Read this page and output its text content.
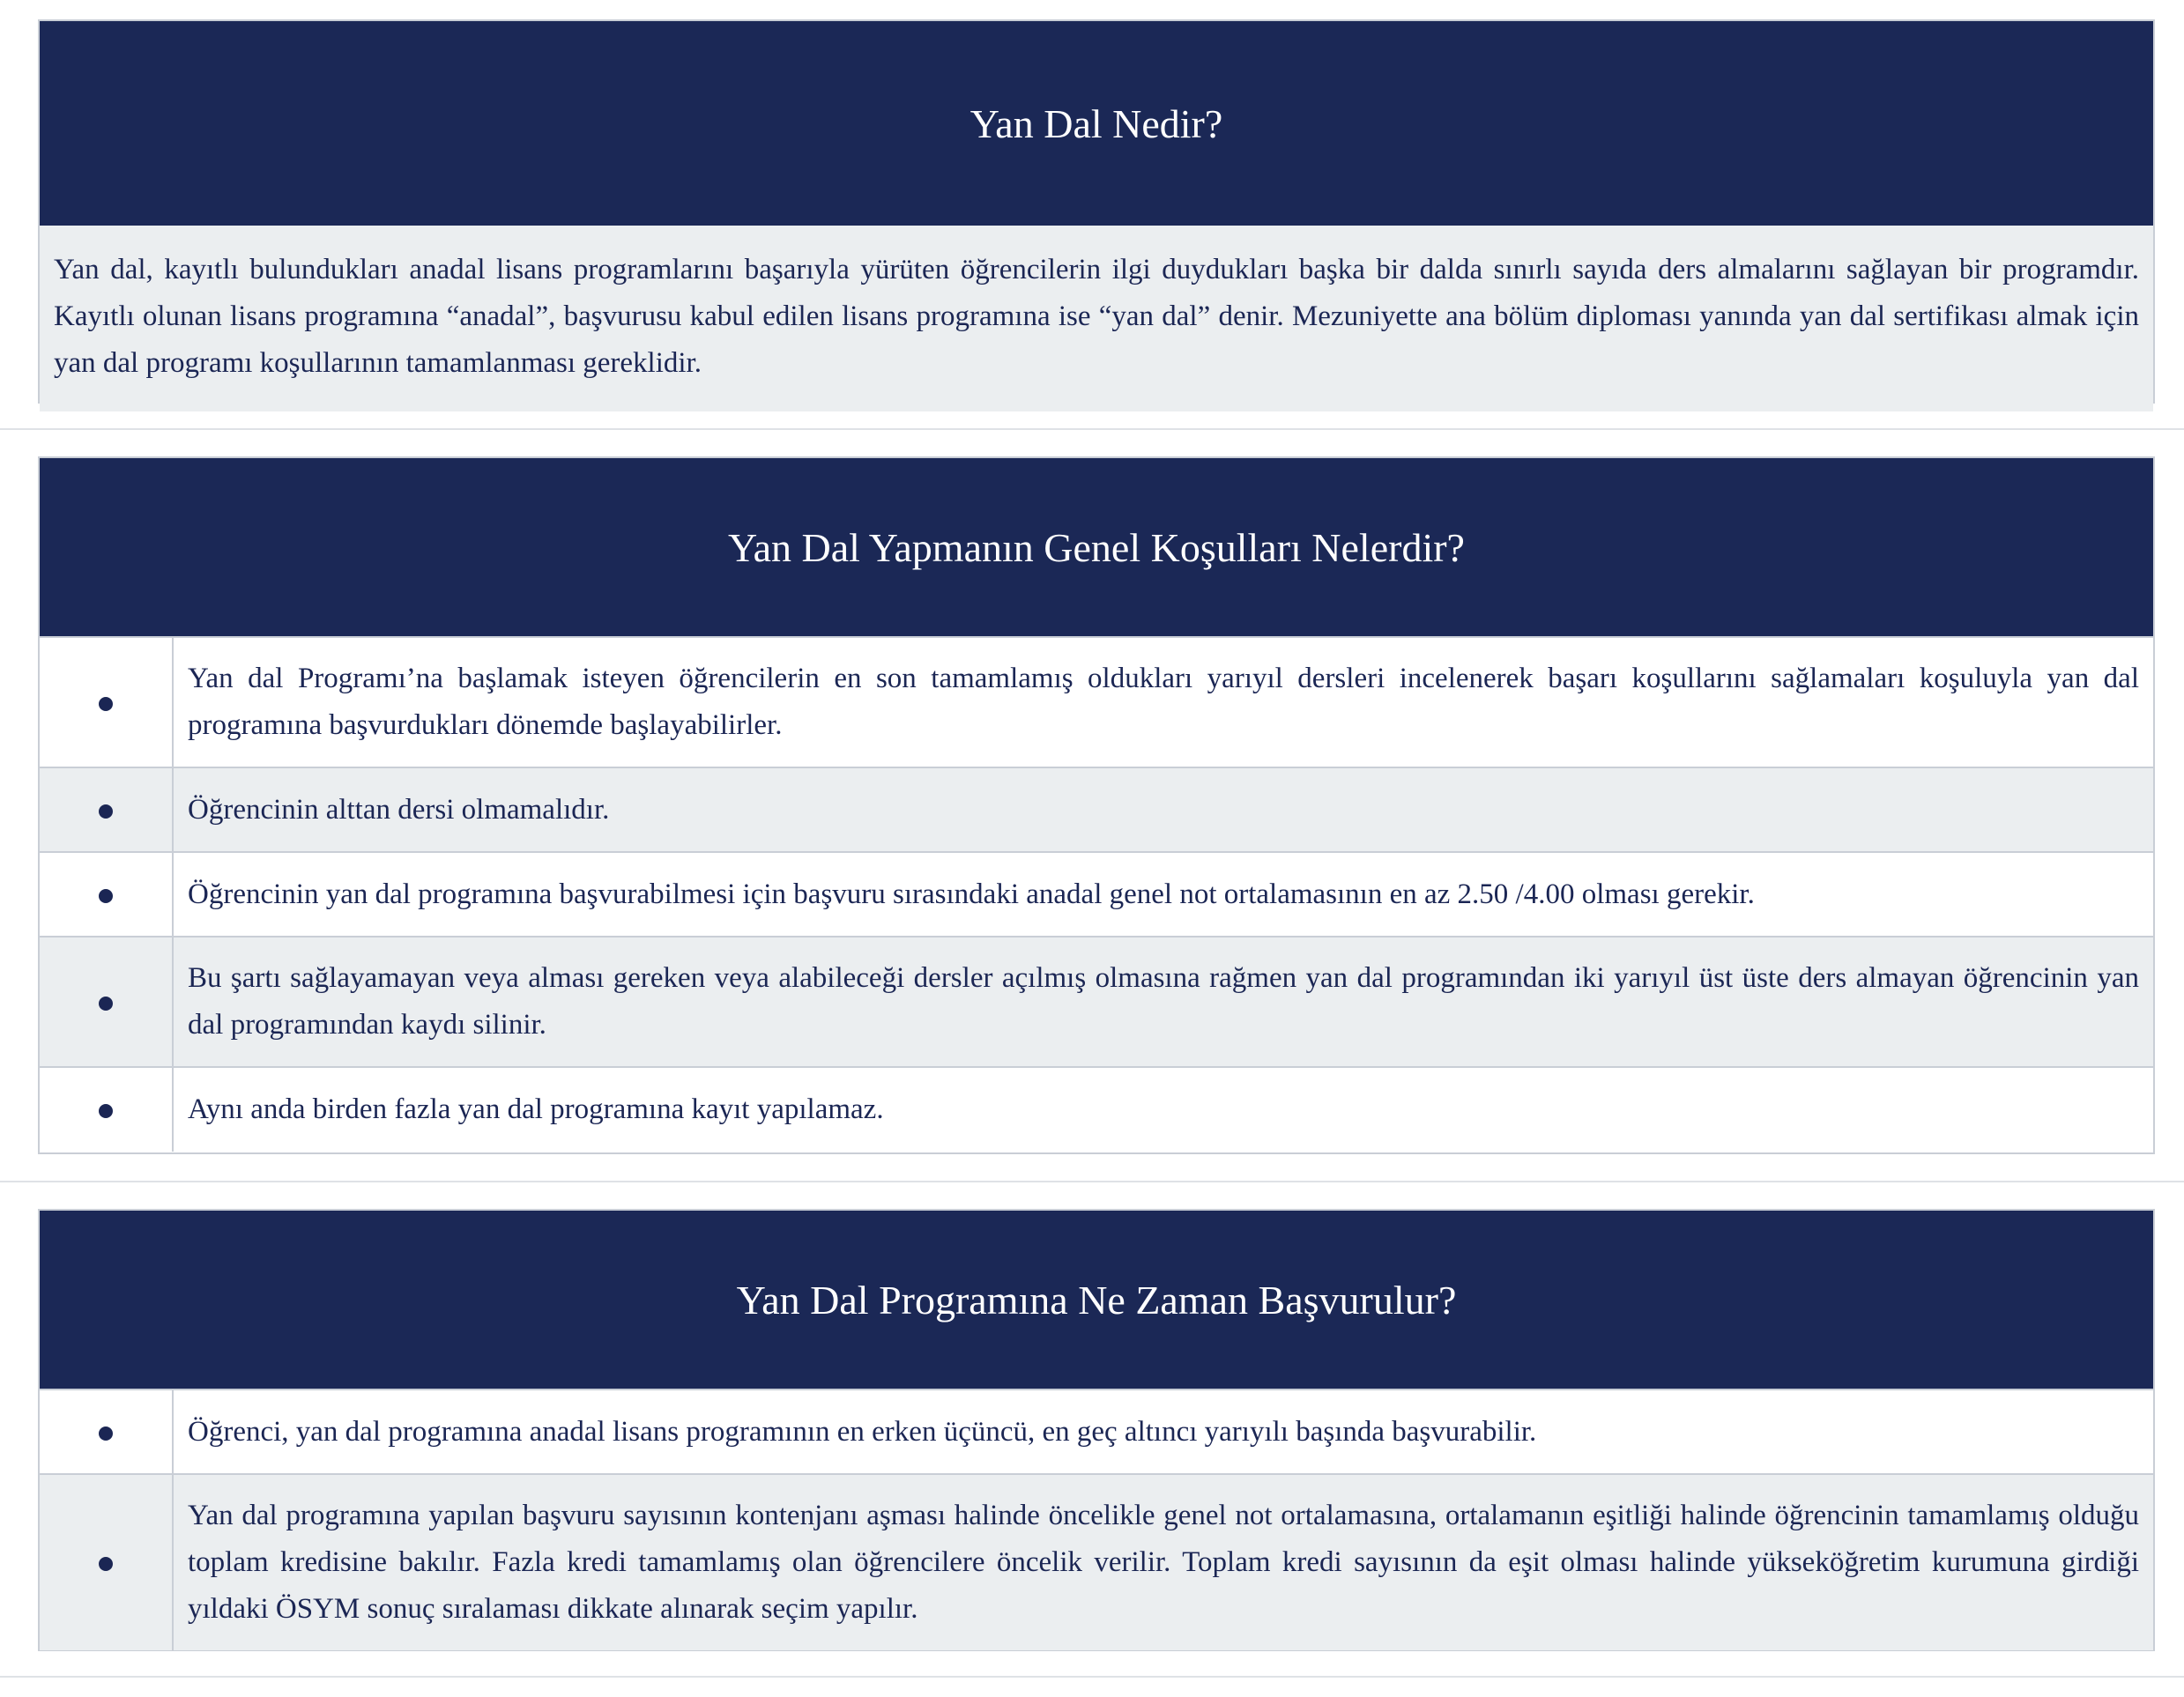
Yan Dal Nedir?
Yan dal, kayıtlı bulundukları anadal lisans programlarını başarıyla yürüten öğrencilerin ilgi duydukları başka bir dalda sınırlı sayıda ders almalarını sağlayan bir programdır. Kayıtlı olunan lisans programına “anadal”, başvurusu kabul edilen lisans programına ise “yan dal” denir. Mezuniyette ana bölüm diploması yanında yan dal sertifikası almak için yan dal programı koşullarının tamamlanması gereklidir.
Yan Dal Yapmanın Genel Koşulları Nelerdir?
	Yan dal Programı’na başlamak isteyen öğrencilerin en son tamamlamış oldukları yarıyıl dersleri incelenerek başarı koşullarını sağlamaları koşuluyla yan dal programına başvurdukları dönemde başlayabilirler.
	Öğrencinin alttan dersi olmamalıdır.
	Öğrencinin yan dal programına başvurabilmesi için başvuru sırasındaki anadal genel not ortalamasının en az 2.50 /4.00 olması gerekir.
	Bu şartı sağlayamayan veya alması gereken veya alabileceği dersler açılmış olmasına rağmen yan dal programından iki yarıyıl üst üste ders almayan öğrencinin yan dal programından kaydı silinir.
	Aynı anda birden fazla yan dal programına kayıt yapılamaz.
Yan Dal Programına Ne Zaman Başvurulur?
	Öğrenci, yan dal programına anadal lisans programının en erken üçüncü, en geç altıncı yarıyılı başında başvurabilir.
	Yan dal programına yapılan başvuru sayısının kontenjanı aşması halinde öncelikle genel not ortalamasına, ortalamanın eşitliği halinde öğrencinin tamamlamış olduğu toplam kredisine bakılır. Fazla kredi tamamlamış olan öğrencilere öncelik verilir. Toplam kredi sayısının da eşit olması halinde yükseköğretim kurumuna girdiği yıldaki ÖSYM sonuç sıralaması dikkate alınarak seçim yapılır.
